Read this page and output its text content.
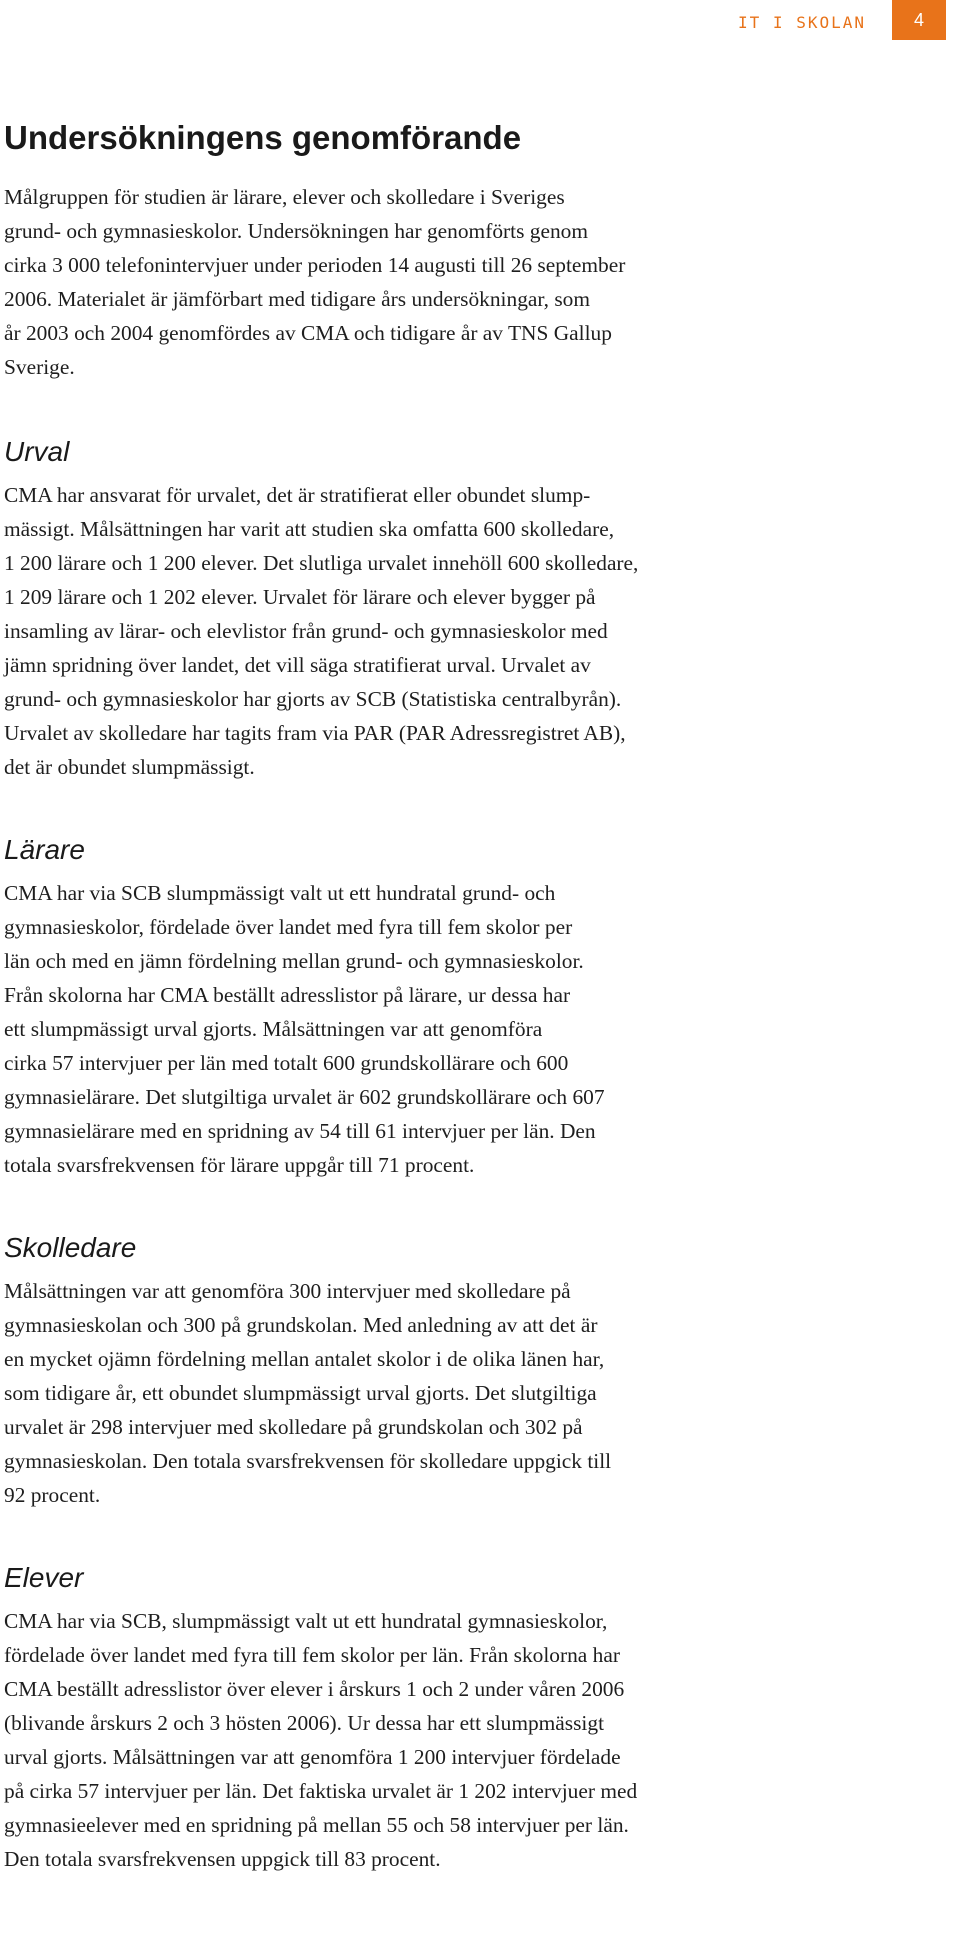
IT I SKOLAN	4
Undersökningens genomförande

Målgruppen för studien är lärare, elever och skolledare i Sveriges
grund- och gymnasieskolor. Undersökningen har genomförts genom
cirka 3 000 telefonintervjuer under perioden 14 augusti till 26 september
2006. Materialet är jämförbart med tidigare års undersökningar, som
år 2003 och 2004 genomfördes av CMA och tidigare år av TNS Gallup
Sverige.

Urval

CMA har ansvarat för urvalet, det är stratifierat eller obundet slump-
mässigt. Målsättningen har varit att studien ska omfatta 600 skolledare,
1 200 lärare och 1 200 elever. Det slutliga urvalet innehöll 600 skolledare,
1 209 lärare och 1 202 elever. Urvalet för lärare och elever bygger på
insamling av lärar- och elevlistor från grund- och gymnasieskolor med
jämn spridning över landet, det vill säga stratifierat urval. Urvalet av
grund- och gymnasieskolor har gjorts av SCB (Statistiska centralbyrån).
Urvalet av skolledare har tagits fram via PAR (PAR Adressregistret AB),
det är obundet slumpmässigt.

Lärare

CMA har via SCB slumpmässigt valt ut ett hundratal grund- och
gymnasieskolor, fördelade över landet med fyra till fem skolor per
län och med en jämn fördelning mellan grund- och gymnasieskolor.
Från skolorna har CMA beställt adresslistor på lärare, ur dessa har
ett slumpmässigt urval gjorts. Målsättningen var att genomföra
cirka 57 intervjuer per län med totalt 600 grundskollärare och 600
gymnasielärare. Det slutgiltiga urvalet är 602 grundskollärare och 607
gymnasielärare med en spridning av 54 till 61 intervjuer per län. Den
totala svarsfrekvensen för lärare uppgår till 71 procent.

Skolledare

Målsättningen var att genomföra 300 intervjuer med skolledare på
gymnasieskolan och 300 på grundskolan. Med anledning av att det är
en mycket ojämn fördelning mellan antalet skolor i de olika länen har,
som tidigare år, ett obundet slumpmässigt urval gjorts. Det slutgiltiga
urvalet är 298 intervjuer med skolledare på grundskolan och 302 på
gymnasieskolan. Den totala svarsfrekvensen för skolledare uppgick till
92 procent.

Elever

CMA har via SCB, slumpmässigt valt ut ett hundratal gymnasieskolor,
fördelade över landet med fyra till fem skolor per län. Från skolorna har
CMA beställt adresslistor över elever i årskurs 1 och 2 under våren 2006
(blivande årskurs 2 och 3 hösten 2006). Ur dessa har ett slumpmässigt
urval gjorts. Målsättningen var att genomföra 1 200 intervjuer fördelade
på cirka 57 intervjuer per län. Det faktiska urvalet är 1 202 intervjuer med
gymnasieelever med en spridning på mellan 55 och 58 intervjuer per län.
Den totala svarsfrekvensen uppgick till 83 procent.
